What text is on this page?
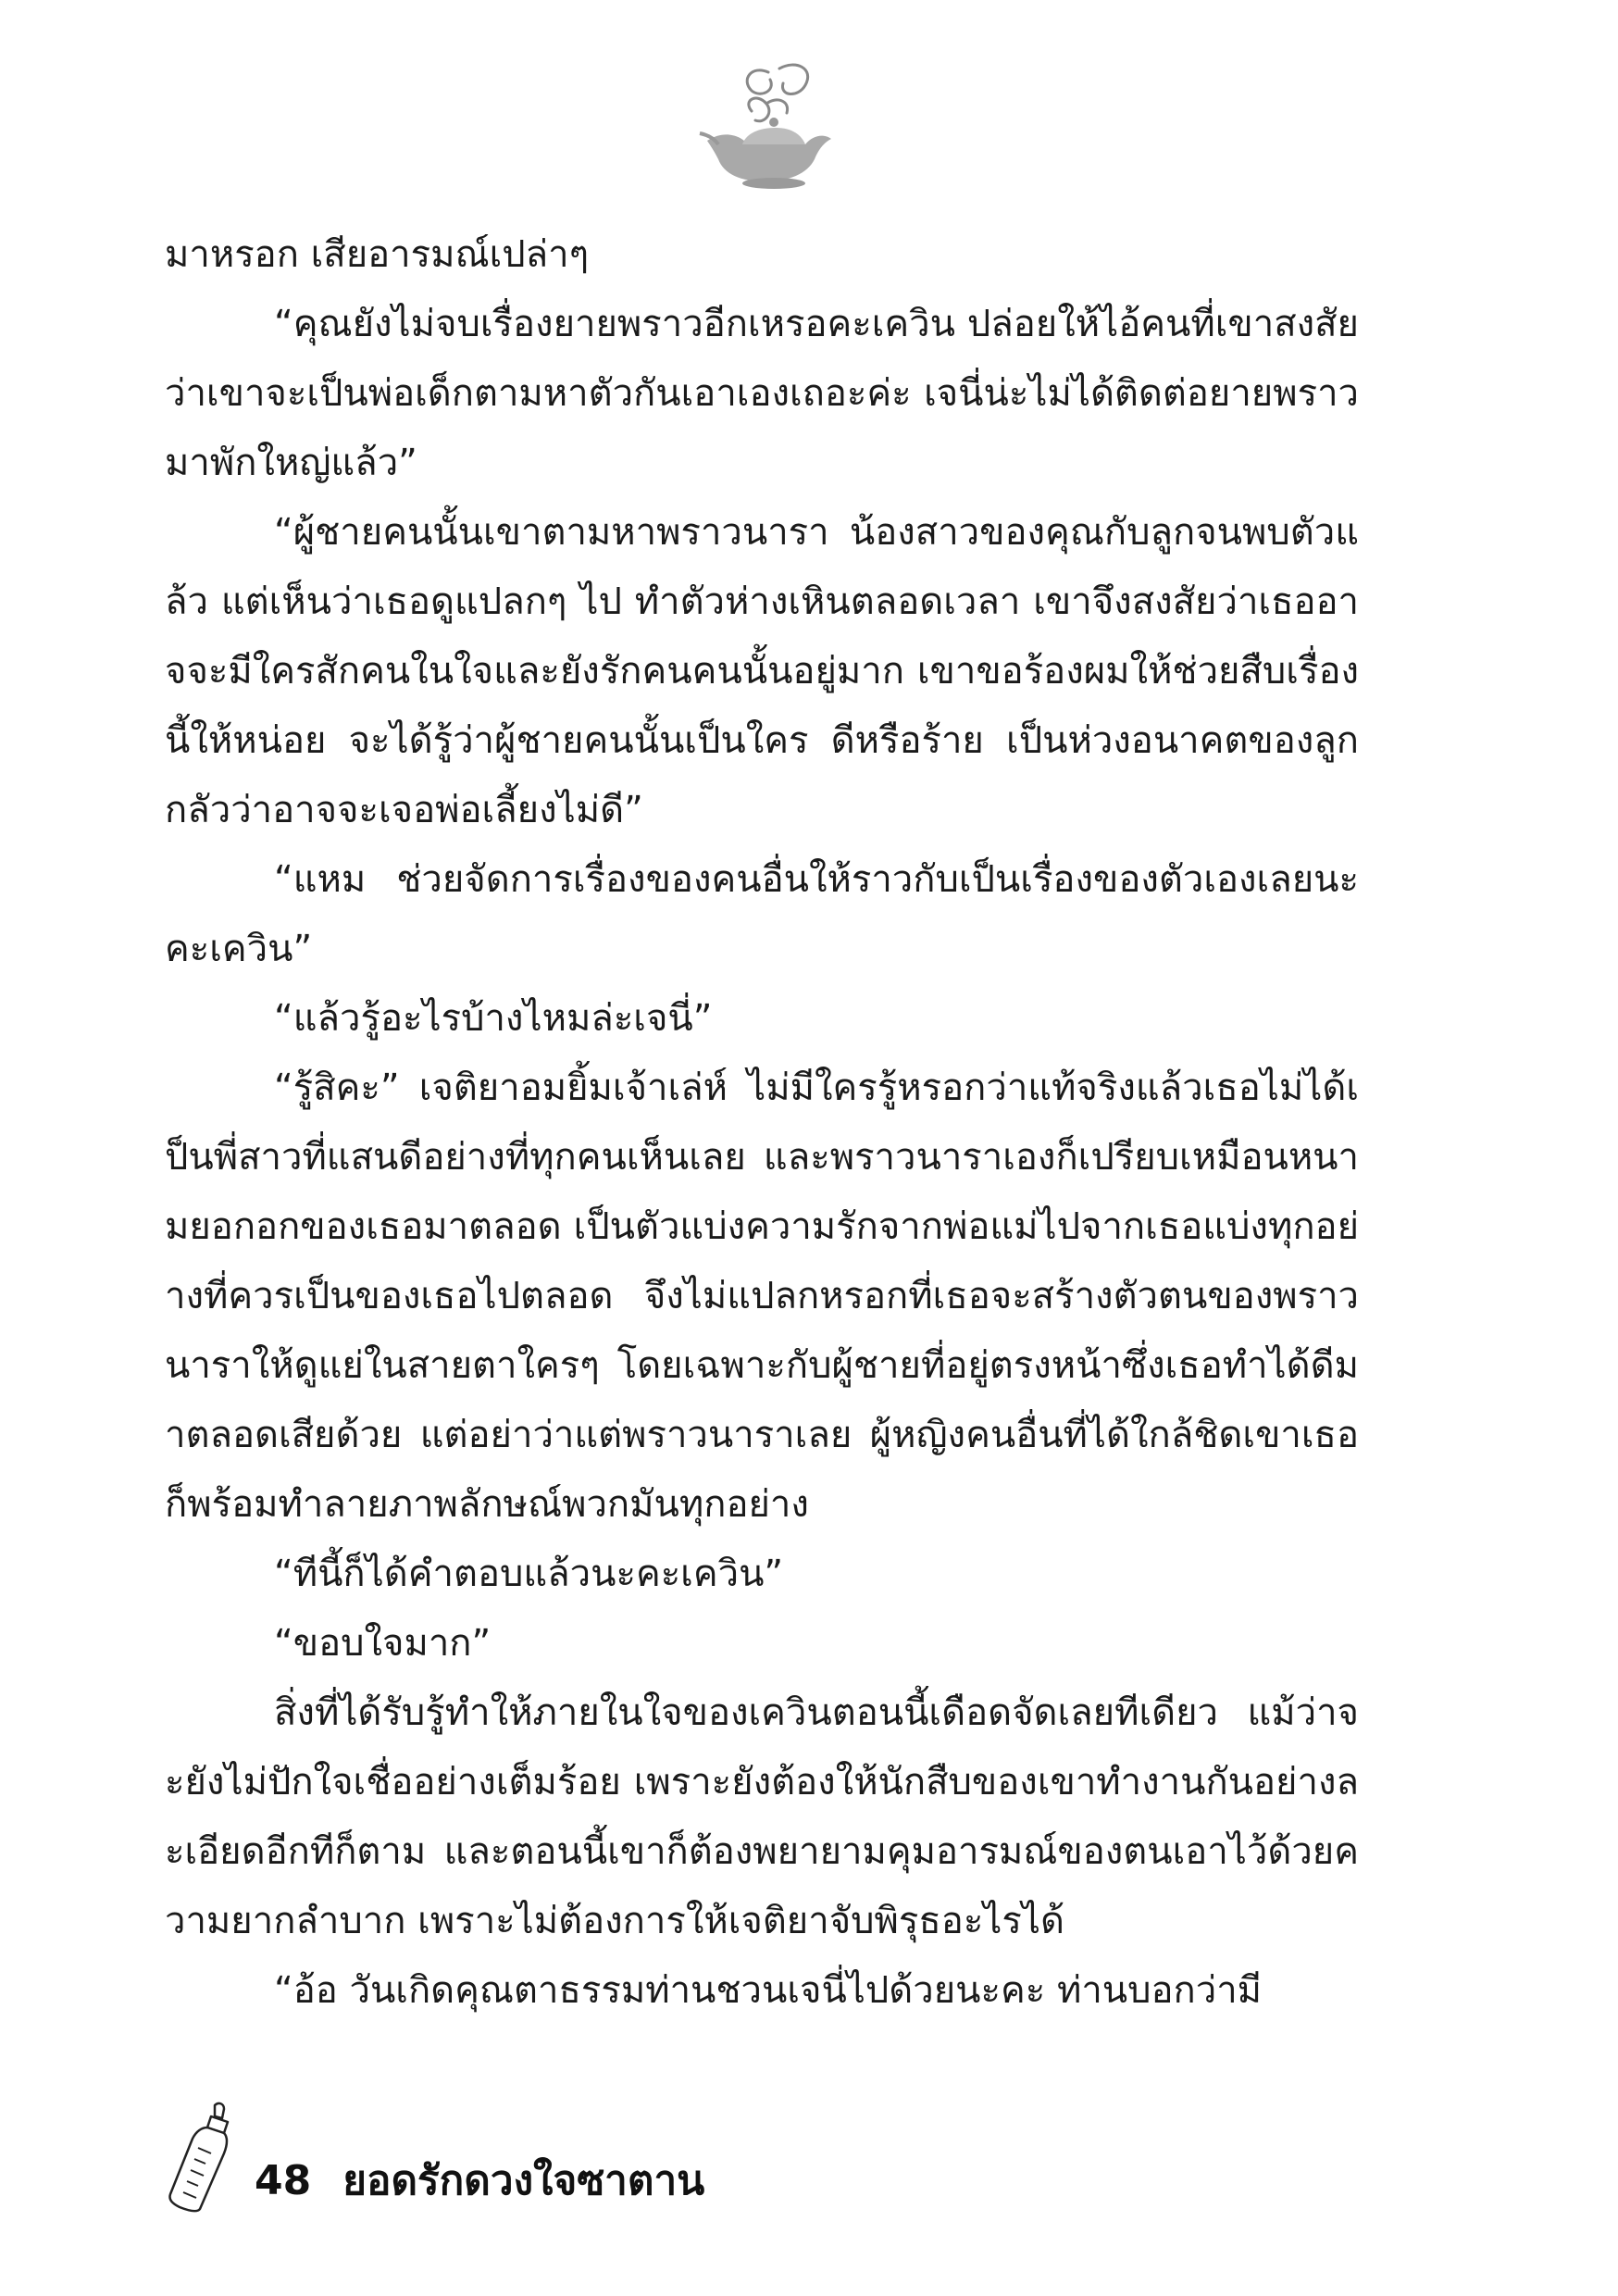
มาหรอก เสียอารมณ์เปล่าๆ

“คุณยังไม่จบเรื่องยายพราวอีกเหรอคะเควิน ปล่อยให้ไอ้คนที่เขาสงสัยว่าเขาจะเป็นพ่อเด็กตามหาตัวกันเอาเองเถอะค่ะ เจนี่น่ะไม่ได้ติดต่อยายพราวมาพักใหญ่แล้ว”

“ผู้ชายคนนั้นเขาตามหาพราวนารา น้องสาวของคุณกับลูกจนพบตัวแล้ว แต่เห็นว่าเธอดูแปลกๆ ไป ทำตัวห่างเหินตลอดเวลา เขาจึงสงสัยว่าเธออาจจะมีใครสักคนในใจและยังรักคนคนนั้นอยู่มาก เขาขอร้องผมให้ช่วยสืบเรื่องนี้ให้หน่อย จะได้รู้ว่าผู้ชายคนนั้นเป็นใคร ดีหรือร้าย เป็นห่วงอนาคตของลูก กลัวว่าอาจจะเจอพ่อเลี้ยงไม่ดี”

“แหม ช่วยจัดการเรื่องของคนอื่นให้ราวกับเป็นเรื่องของตัวเองเลยนะคะเควิน”

“แล้วรู้อะไรบ้างไหมล่ะเจนี่”

“รู้สิคะ” เจติยาอมยิ้มเจ้าเล่ห์ ไม่มีใครรู้หรอกว่าแท้จริงแล้วเธอไม่ได้เป็นพี่สาวที่แสนดีอย่างที่ทุกคนเห็นเลย และพราวนาราเองก็เปรียบเหมือนหนามยอกอกของเธอมาตลอด เป็นตัวแบ่งความรักจากพ่อแม่ไปจากเธอแบ่งทุกอย่างที่ควรเป็นของเธอไปตลอด จึงไม่แปลกหรอกที่เธอจะสร้างตัวตนของพราวนาราให้ดูแย่ในสายตาใครๆ โดยเฉพาะกับผู้ชายที่อยู่ตรงหน้าซึ่งเธอทำได้ดีมาตลอดเสียด้วย แต่อย่าว่าแต่พราวนาราเลย ผู้หญิงคนอื่นที่ได้ใกล้ชิดเขาเธอก็พร้อมทำลายภาพลักษณ์พวกมันทุกอย่าง

“ทีนี้ก็ได้คำตอบแล้วนะคะเควิน”

“ขอบใจมาก”

สิ่งที่ได้รับรู้ทำให้ภายในใจของเควินตอนนี้เดือดจัดเลยทีเดียว แม้ว่าจะยังไม่ปักใจเชื่ออย่างเต็มร้อย เพราะยังต้องให้นักสืบของเขาทำงานกันอย่างละเอียดอีกทีก็ตาม และตอนนี้เขาก็ต้องพยายามคุมอารมณ์ของตนเอาไว้ด้วยความยากลำบาก เพราะไม่ต้องการให้เจติยาจับพิรุธอะไรได้

“อ้อ วันเกิดคุณตาธรรมท่านชวนเจนี่ไปด้วยนะคะ ท่านบอกว่ามี

48 ยอดรักดวงใจซาตาน
